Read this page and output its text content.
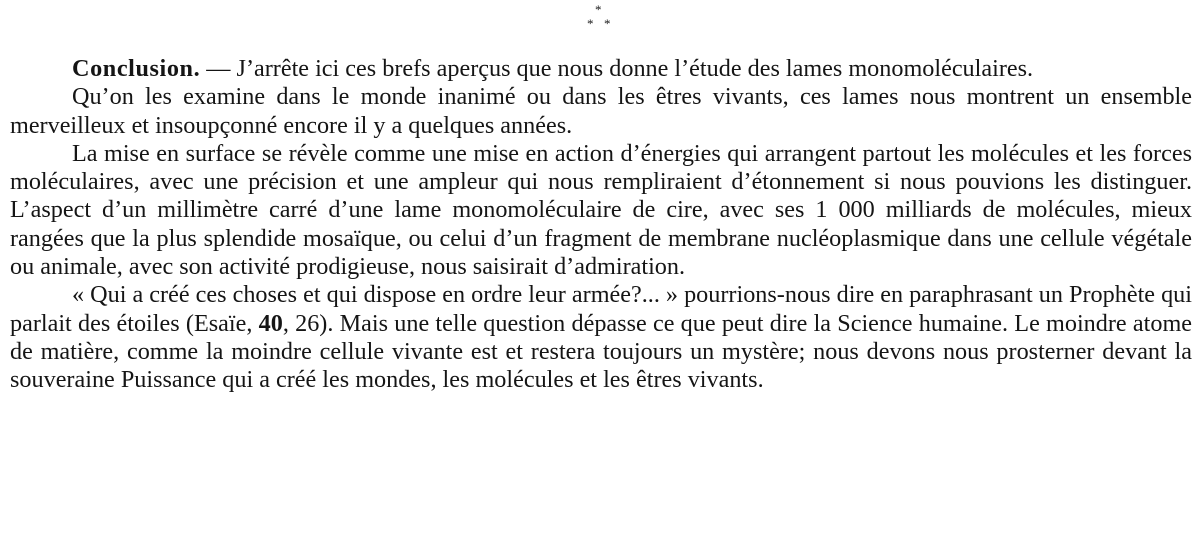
*
* *

Conclusion. — J’arrête ici ces brefs aperçus que nous donne l’étude des lames monomoléculaires.

Qu’on les examine dans le monde inanimé ou dans les êtres vivants, ces lames nous montrent un ensemble merveilleux et insoupçonné encore il y a quelques années.

La mise en surface se révèle comme une mise en action d’énergies qui arrangent partout les molécules et les forces moléculaires, avec une précision et une ampleur qui nous rempliraient d’étonnement si nous pouvions les distinguer. L’aspect d’un millimètre carré d’une lame monomoléculaire de cire, avec ses 1 000 milliards de molécules, mieux rangées que la plus splendide mosaïque, ou celui d’un fragment de membrane nucléoplasmique dans une cellule végétale ou animale, avec son activité prodigieuse, nous saisirait d’admiration.

« Qui a créé ces choses et qui dispose en ordre leur armée?... » pourrions-nous dire en paraphrasant un Prophète qui parlait des étoiles (Esaïe, 40, 26). Mais une telle question dépasse ce que peut dire la Science humaine. Le moindre atome de matière, comme la moindre cellule vivante est et restera toujours un mystère; nous devons nous prosterner devant la souveraine Puissance qui a créé les mondes, les molécules et les êtres vivants.
